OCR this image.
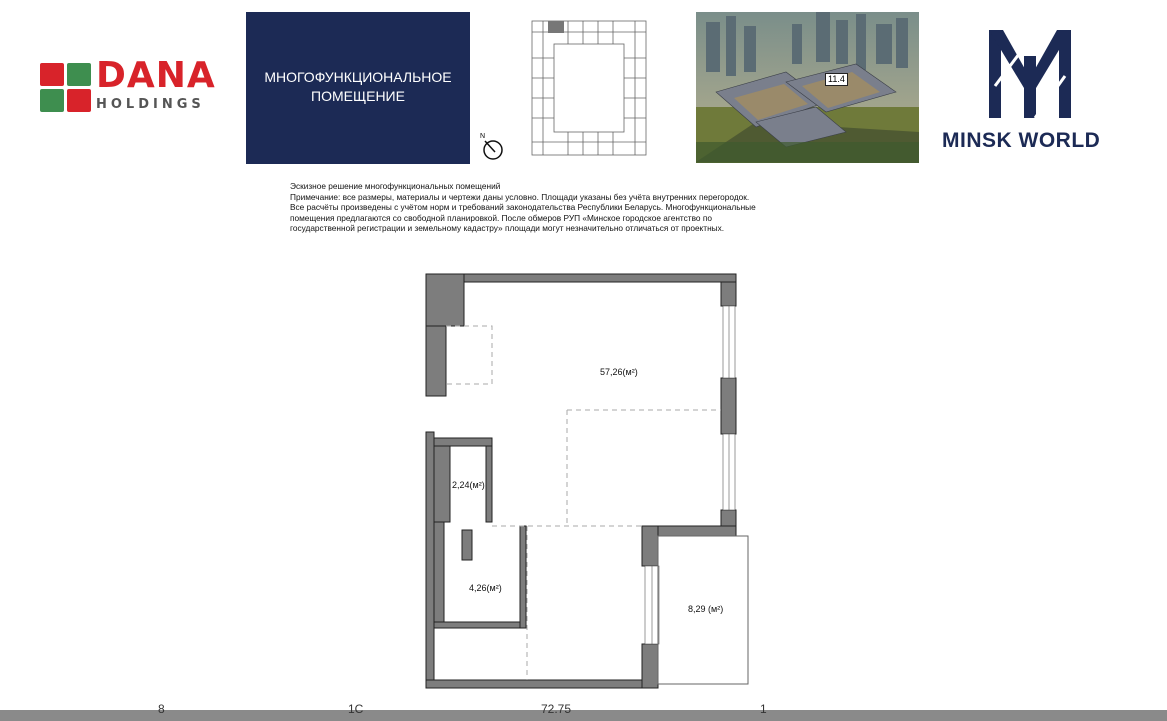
DANA
HOLDINGS
МНОГОФУНКЦИОНАЛЬНОЕ
ПОМЕЩЕНИЕ
N
11.4
MINSK WORLD
Эскизное решение многофункциональных помещений
Примечание: все размеры, материалы и чертежи даны условно. Площади указаны без учёта внутренних перегородок.
Все расчёты произведены с учётом норм и требований законодательства Республики Беларусь. Многофункциональные
помещения предлагаются со свободной планировкой. После обмеров РУП «Минское городское агентство по
государственной регистрации и земельному кадастру» площади могут незначительно отличаться от проектных.
57,26(м²)
2,24(м²)
4,26(м²)
8,29 (м²)
8	1С	72.75	1
